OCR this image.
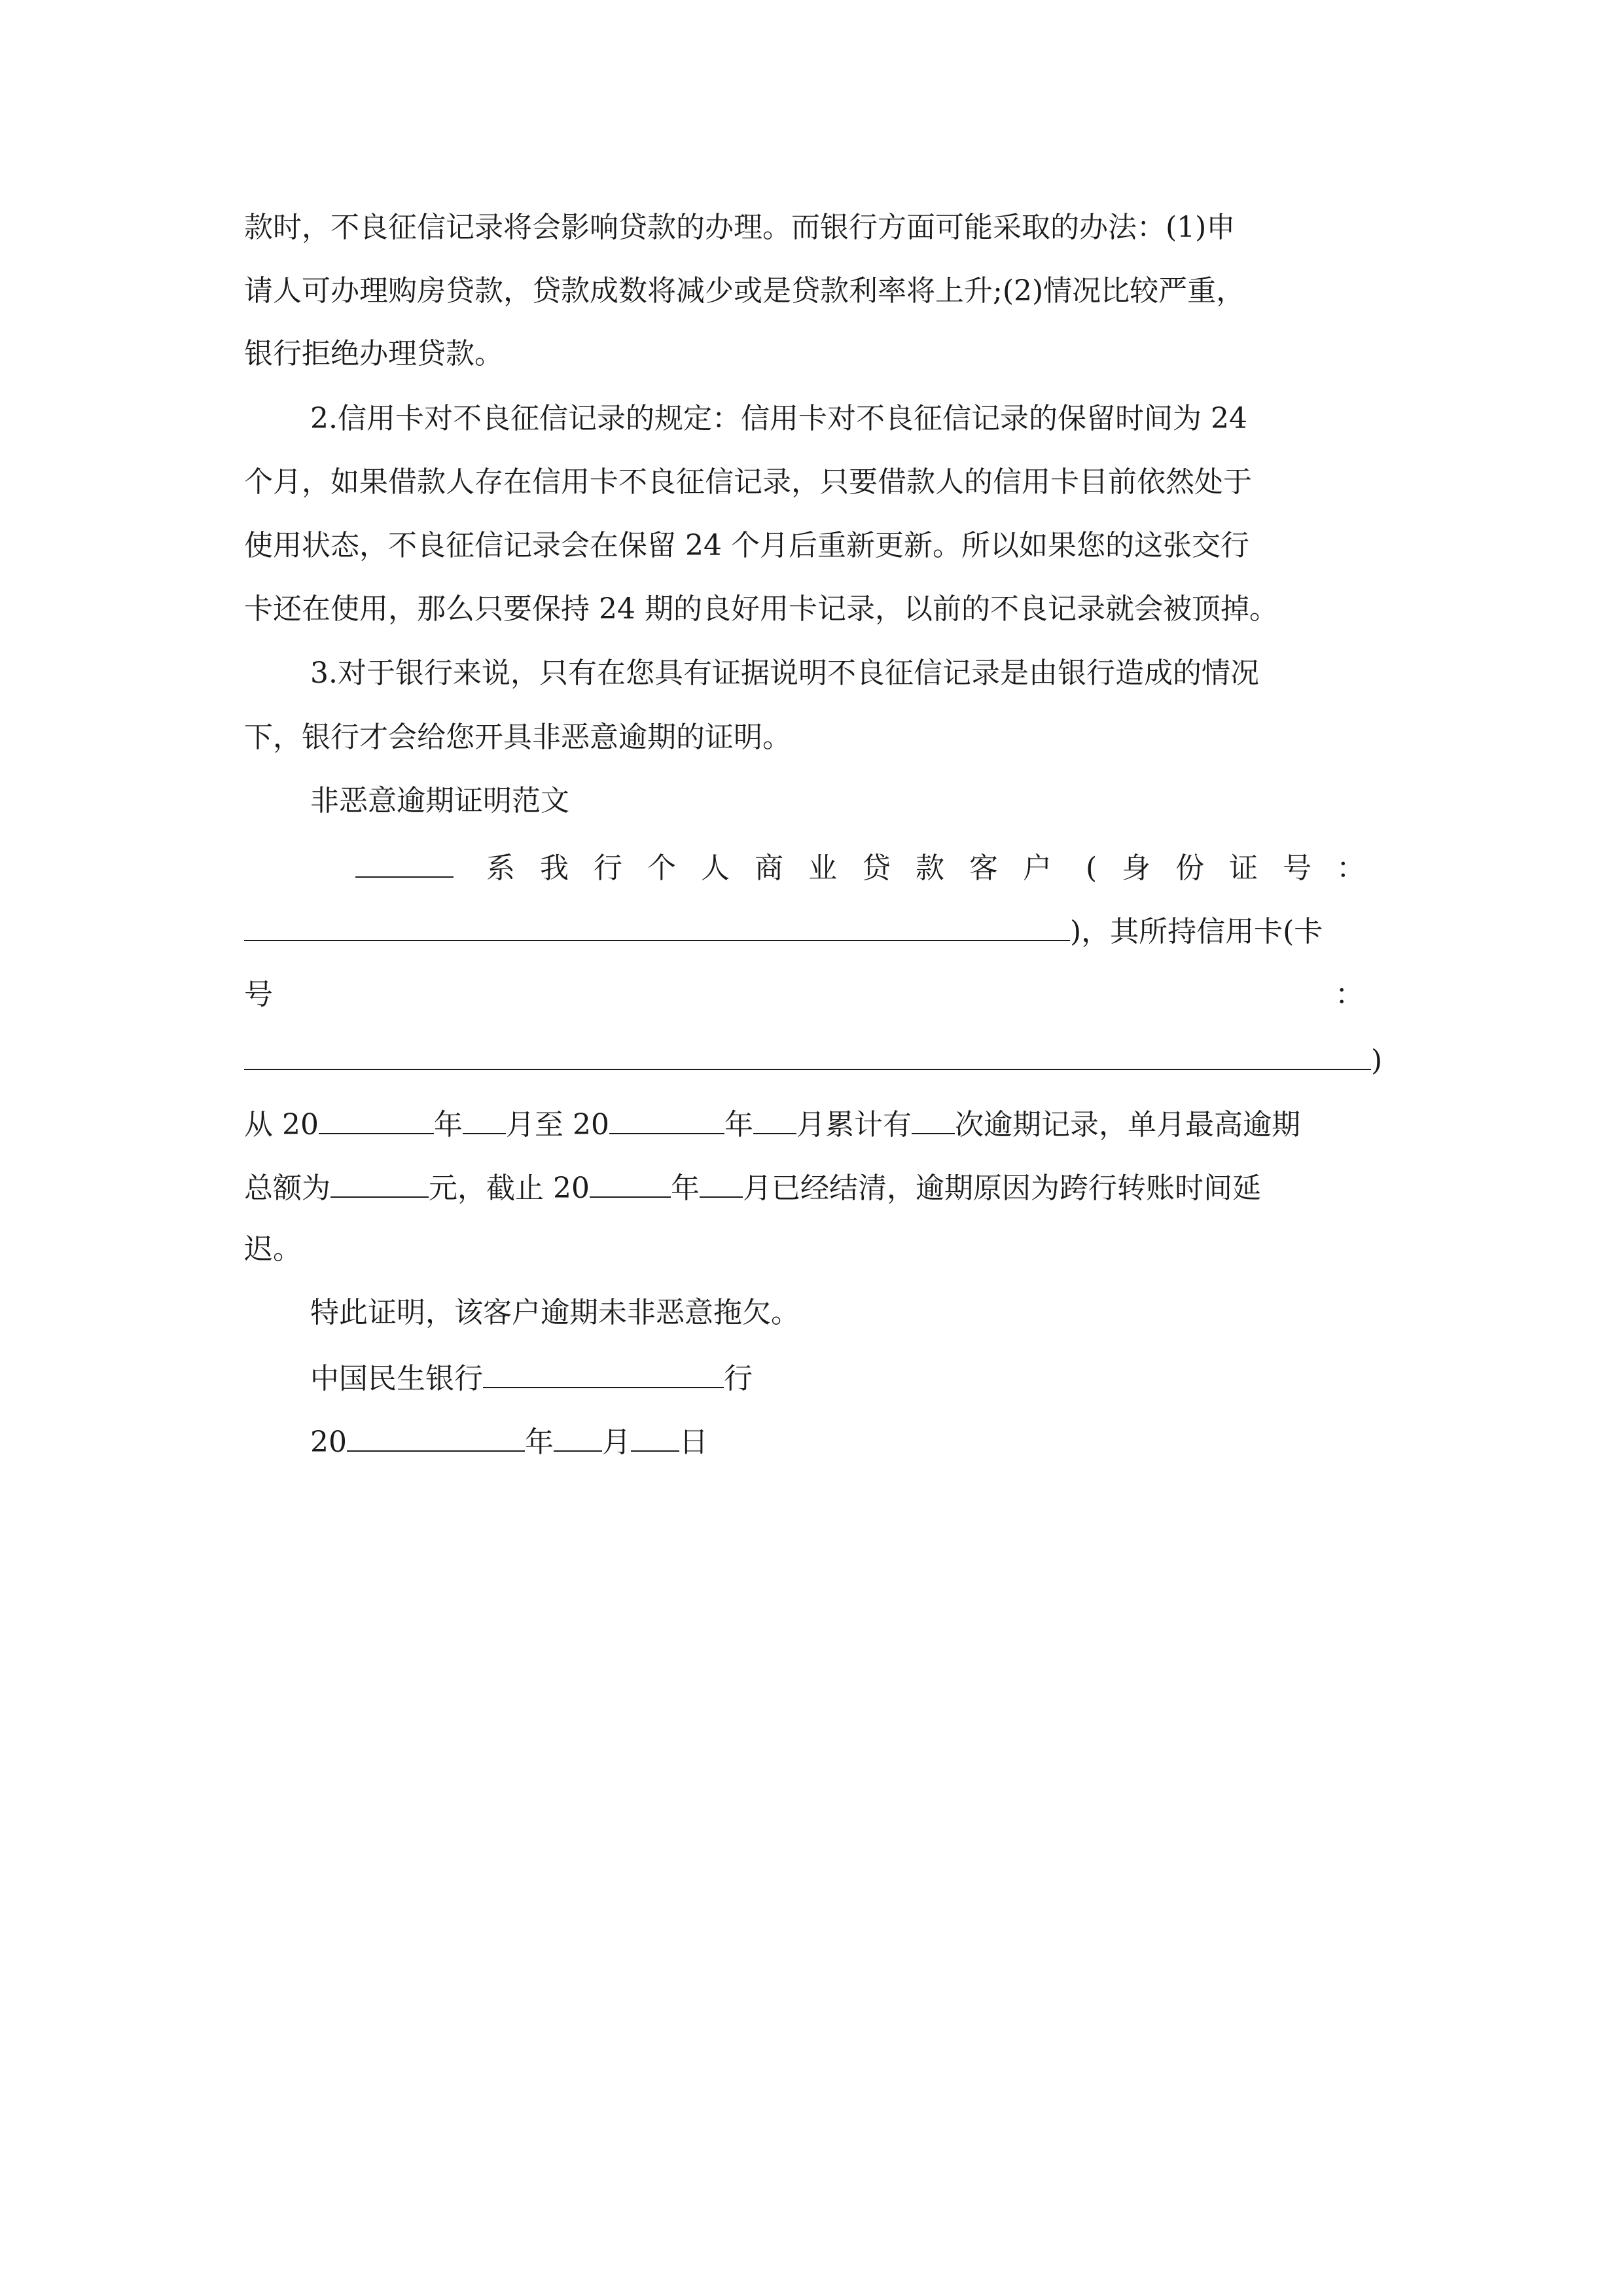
款时，不良征信记录将会影响贷款的办理。而银行方面可能采取的办法：(1)申
请人可办理购房贷款，贷款成数将减少或是贷款利率将上升;(2)情况比较严重，
银行拒绝办理贷款。
2.信用卡对不良征信记录的规定：信用卡对不良征信记录的保留时间为 24
个月，如果借款人存在信用卡不良征信记录，只要借款人的信用卡目前依然处于
使用状态，不良征信记录会在保留 24 个月后重新更新。所以如果您的这张交行
卡还在使用，那么只要保持 24 期的良好用卡记录，以前的不良记录就会被顶掉。
3.对于银行来说，只有在您具有证据说明不良征信记录是由银行造成的情况
下，银行才会给您开具非恶意逾期的证明。
非恶意逾期证明范文
系我行个人商业贷款客户 (身份证号：
)，其所持信用卡(卡
号	：
)
从 20	年 月至 20	年 月累计有 次逾期记录，单月最高逾期
总额为	元，截止 20	年 月已经结清，逾期原因为跨行转账时间延
迟。
特此证明，该客户逾期未非恶意拖欠。
中国民生银行	行
20	年 月 日
